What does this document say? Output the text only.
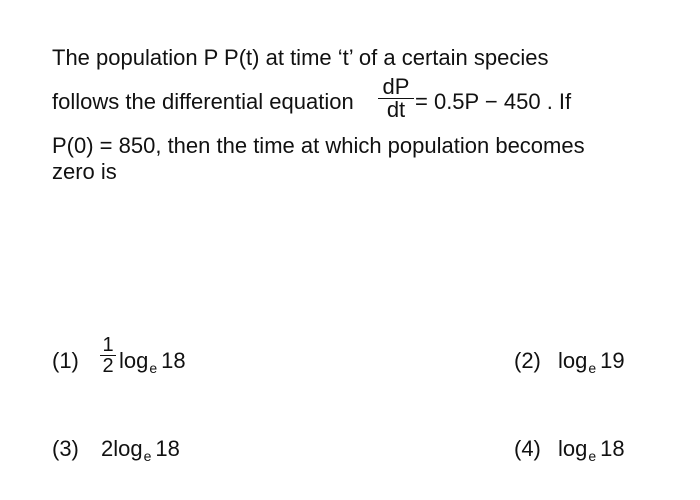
The population P P(t) at time ‘t’ of a certain species
follows the differential equation
dP
dt = 0.5P − 450 . If
P(0) = 850, then the time at which population becomes
zero is
(1)
1
2 $\log_e 18$	(2) $\log_e 19$
(3) $2\log_e$ 18	(4) $\log_e 18$
